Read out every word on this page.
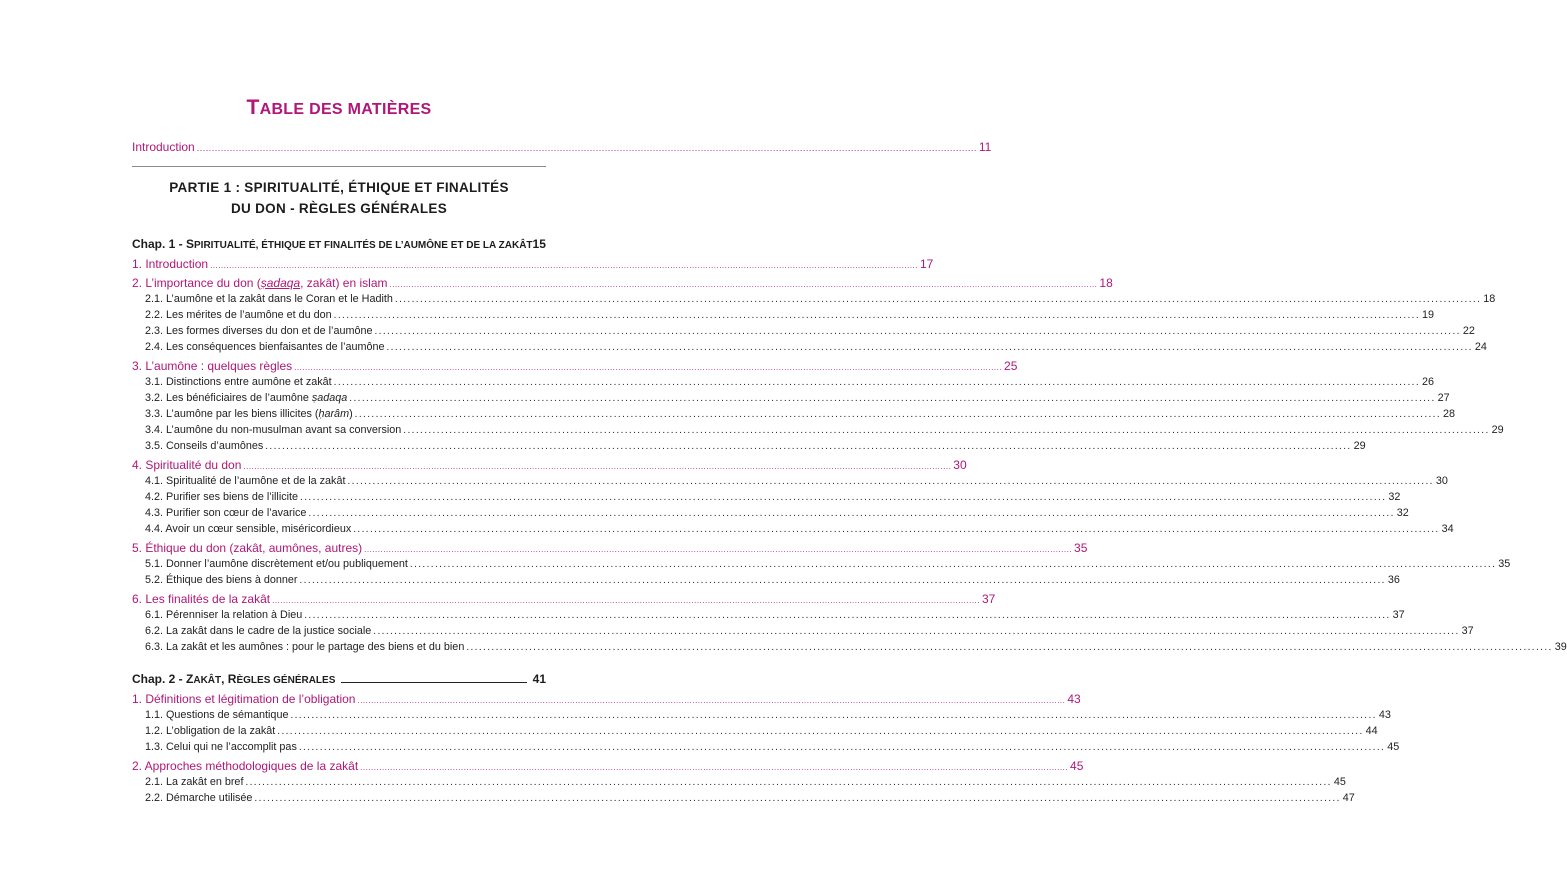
TABLE DES MATIÈRES
Introduction .................................................................................................................................................................................................................................................................... 11
PARTIE 1 : SPIRITUALITÉ, ÉTHIQUE ET FINALITÉS
DU DON - RÈGLES GÉNÉRALES
Chap. 1 - SPIRITUALITÉ, ÉTHIQUE ET FINALITÉS DE L’AUMÔNE ET DE LA ZAKÂT 15
1. Introduction .................................................................................................................................................................................................................................................................... 17
2. L’importance du don (ṣadaqa, zakât) en islam .................................................................................................................................................................................................................................................................... 18
2.1. L’aumône et la zakât dans le Coran et le Hadith .................................................................................................................................................................................................................................................................... 18
2.2. Les mérites de l’aumône et du don .................................................................................................................................................................................................................................................................... 19
2.3. Les formes diverses du don et de l’aumône .................................................................................................................................................................................................................................................................... 22
2.4. Les conséquences bienfaisantes de l’aumône .................................................................................................................................................................................................................................................................... 24
3. L’aumône : quelques règles .................................................................................................................................................................................................................................................................... 25
3.1. Distinctions entre aumône et zakât .................................................................................................................................................................................................................................................................... 26
3.2. Les bénéficiaires de l’aumône ṣadaqa .................................................................................................................................................................................................................................................................... 27
3.3. L’aumône par les biens illicites (ḥarâm) .................................................................................................................................................................................................................................................................... 28
3.4. L’aumône du non-musulman avant sa conversion .................................................................................................................................................................................................................................................................... 29
3.5. Conseils d’aumônes .................................................................................................................................................................................................................................................................... 29
4. Spiritualité du don .................................................................................................................................................................................................................................................................... 30
4.1. Spiritualité de l’aumône et de la zakât .................................................................................................................................................................................................................................................................... 30
4.2. Purifier ses biens de l’illicite .................................................................................................................................................................................................................................................................... 32
4.3. Purifier son cœur de l’avarice .................................................................................................................................................................................................................................................................... 32
4.4. Avoir un cœur sensible, miséricordieux .................................................................................................................................................................................................................................................................... 34
5. Éthique du don (zakât, aumônes, autres) .................................................................................................................................................................................................................................................................... 35
5.1. Donner l’aumône discrètement et/ou publiquement .................................................................................................................................................................................................................................................................... 35
5.2. Éthique des biens à donner .................................................................................................................................................................................................................................................................... 36
6. Les finalités de la zakât .................................................................................................................................................................................................................................................................... 37
6.1. Pérenniser la relation à Dieu .................................................................................................................................................................................................................................................................... 37
6.2. La zakât dans le cadre de la justice sociale .................................................................................................................................................................................................................................................................... 37
6.3. La zakât et les aumônes : pour le partage des biens et du bien .................................................................................................................................................................................................................................................................... 39
Chap. 2 - ZAKÂT, RÈGLES GÉNÉRALES	41
1. Définitions et légitimation de l’obligation .................................................................................................................................................................................................................................................................... 43
1.1. Questions de sémantique .................................................................................................................................................................................................................................................................... 43
1.2. L’obligation de la zakât .................................................................................................................................................................................................................................................................... 44
1.3. Celui qui ne l’accomplit pas .................................................................................................................................................................................................................................................................... 45
2. Approches méthodologiques de la zakât .................................................................................................................................................................................................................................................................... 45
2.1. La zakât en bref .................................................................................................................................................................................................................................................................... 45
2.2. Démarche utilisée .................................................................................................................................................................................................................................................................... 47
